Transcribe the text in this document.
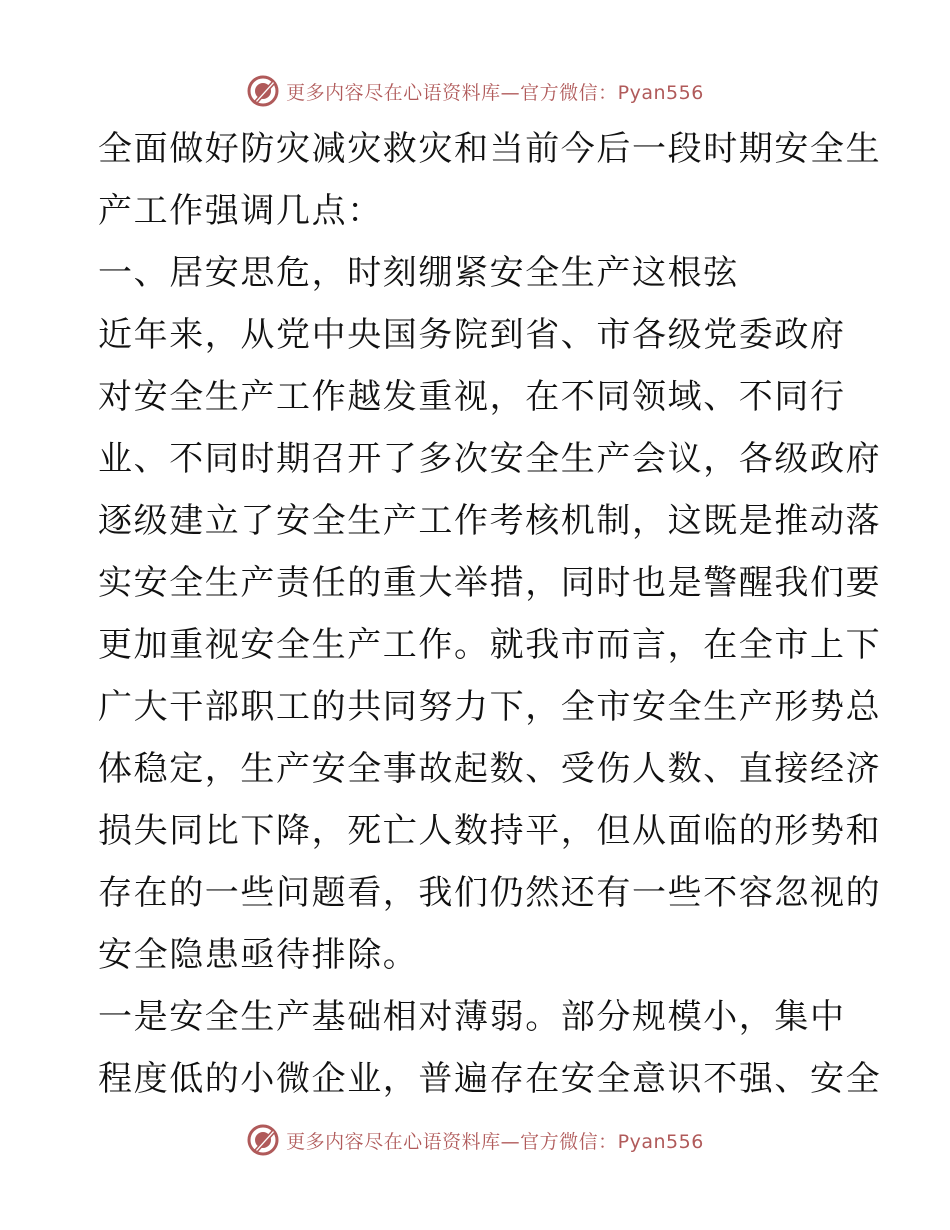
更多内容尽在心语资料库—官方微信：Pyan556
全面做好防灾减灾救灾和当前今后一段时期安全生
产工作强调几点：
一、居安思危，时刻绷紧安全生产这根弦
近年来，从党中央国务院到省、市各级党委政府
对安全生产工作越发重视，在不同领域、不同行
业、不同时期召开了多次安全生产会议，各级政府
逐级建立了安全生产工作考核机制，这既是推动落
实安全生产责任的重大举措，同时也是警醒我们要
更加重视安全生产工作。就我市而言，在全市上下
广大干部职工的共同努力下，全市安全生产形势总
体稳定，生产安全事故起数、受伤人数、直接经济
损失同比下降，死亡人数持平，但从面临的形势和
存在的一些问题看，我们仍然还有一些不容忽视的
安全隐患亟待排除。
一是安全生产基础相对薄弱。部分规模小，集中
程度低的小微企业，普遍存在安全意识不强、安全
更多内容尽在心语资料库—官方微信：Pyan556
